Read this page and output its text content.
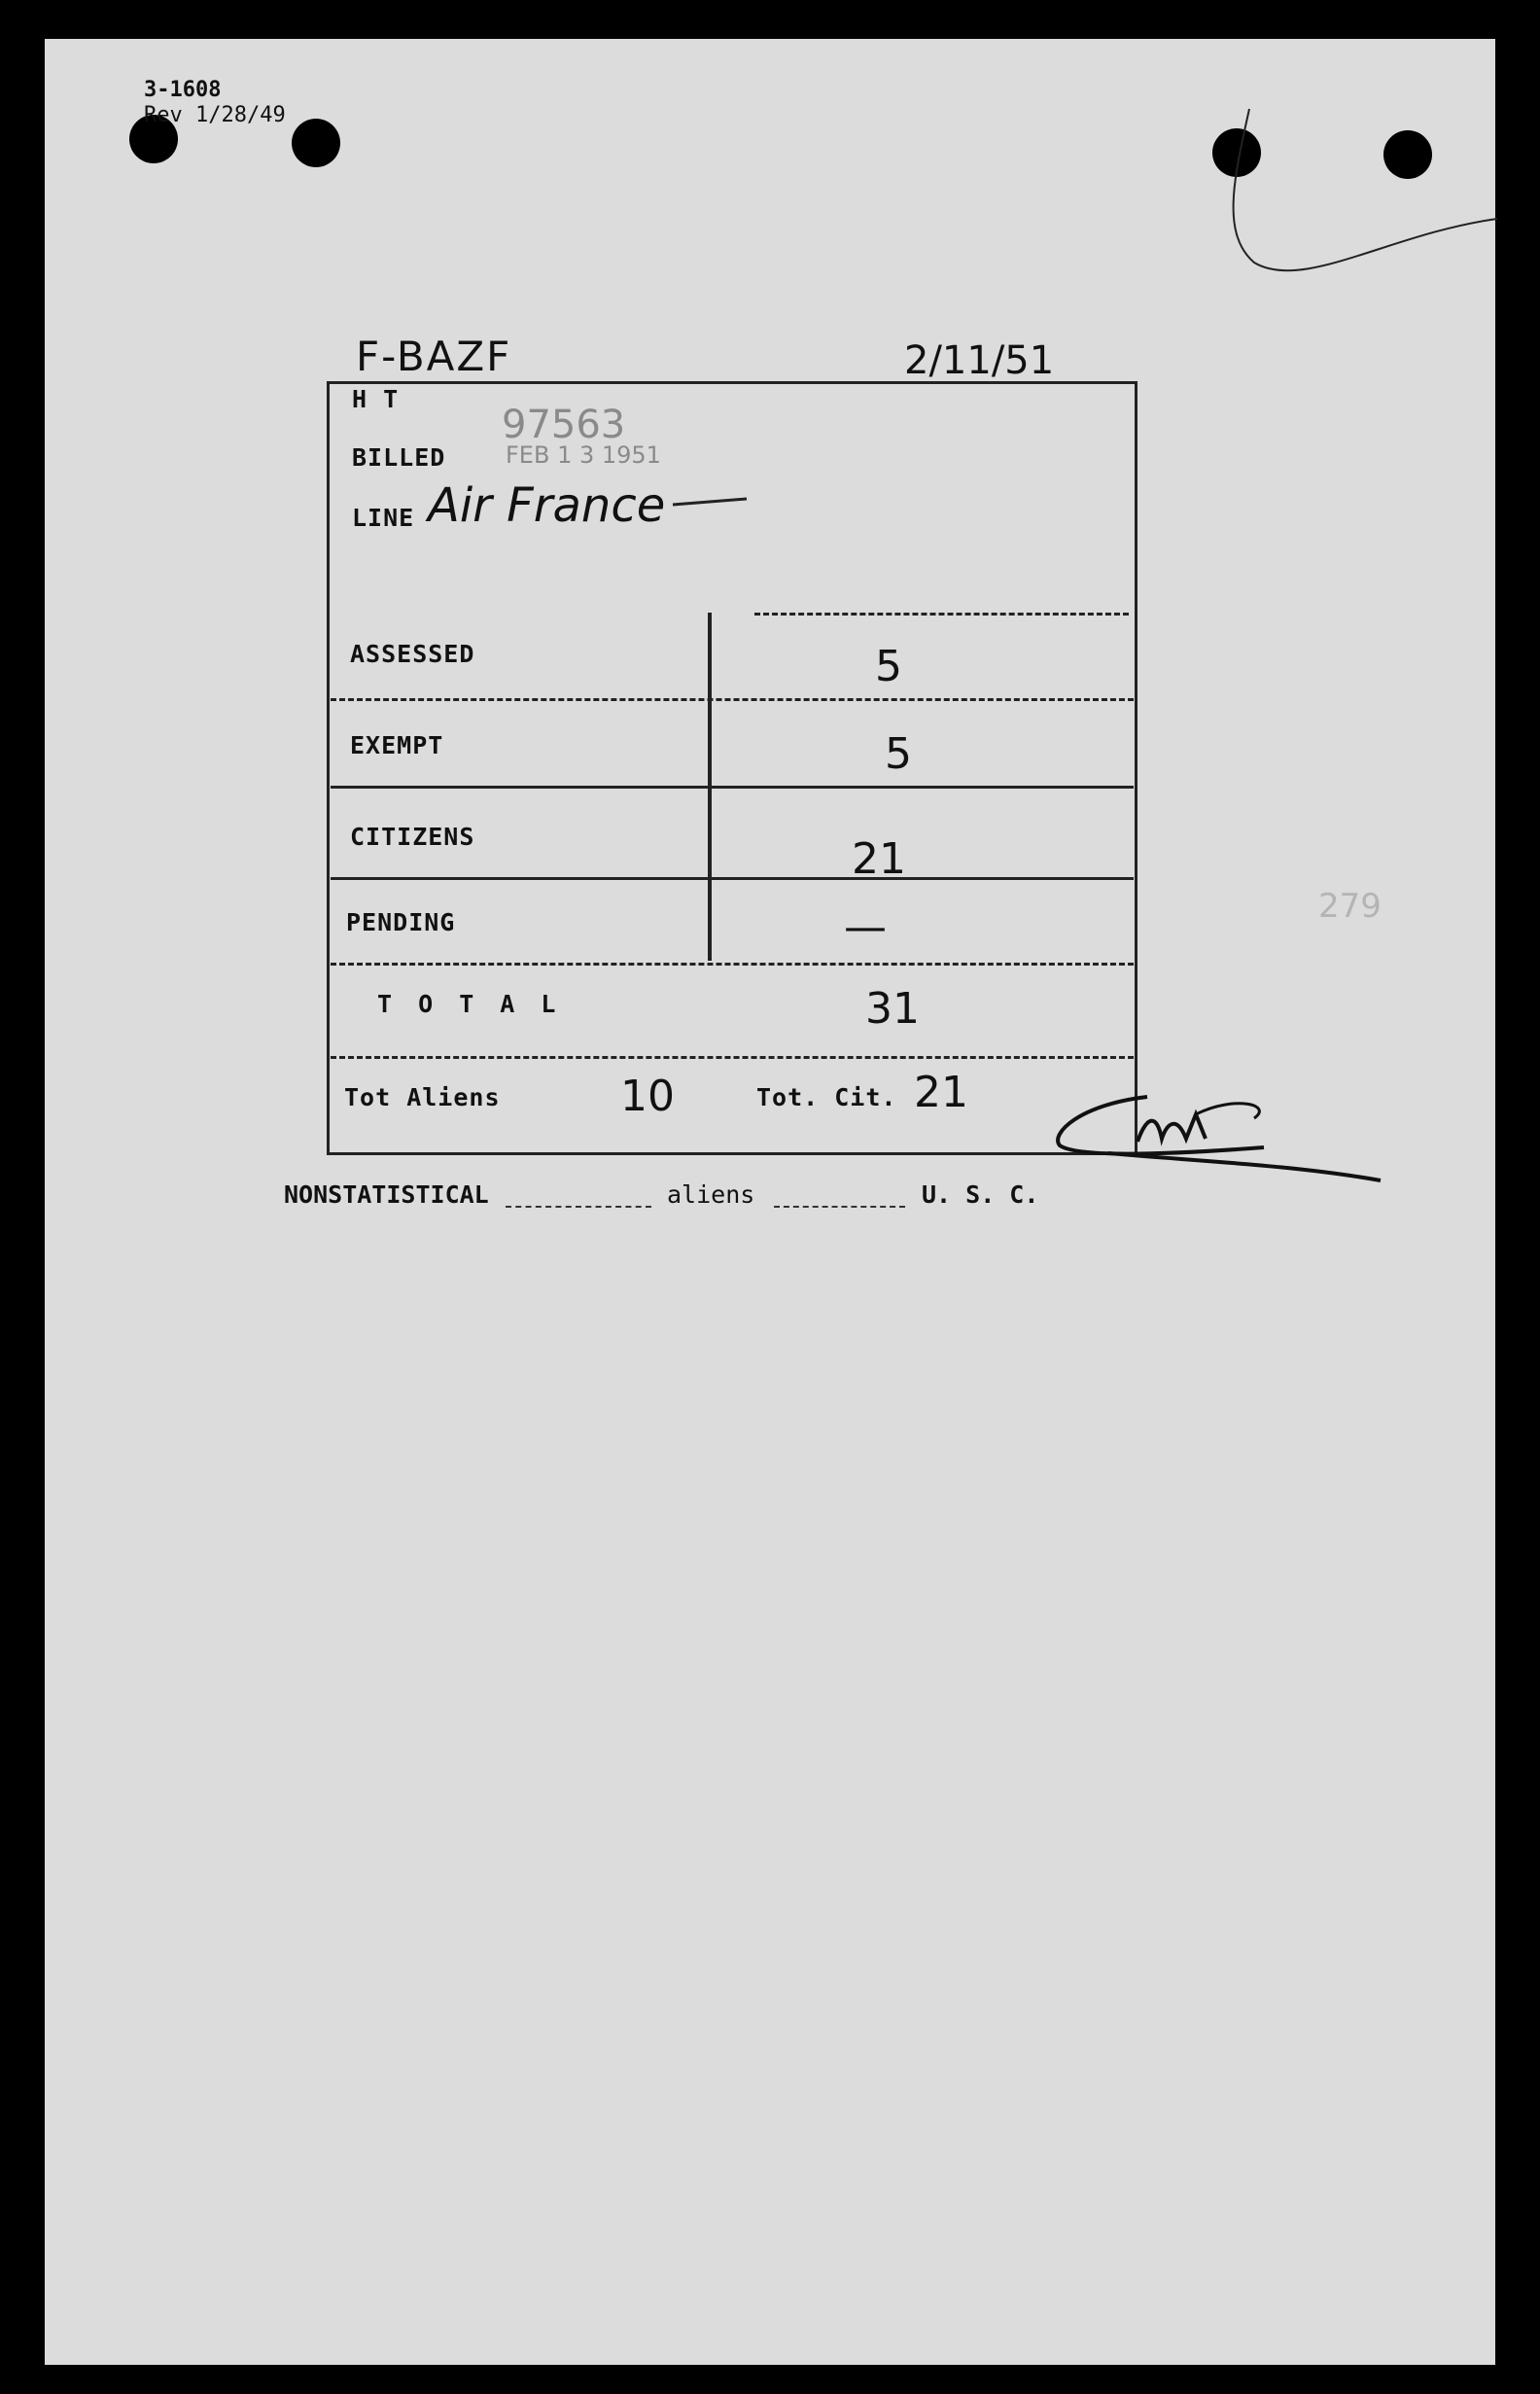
3-1608
Rev 1/28/49
F-BAZF	2/11/51
279
H T
BILLED
97563
FEB 1 3 1951
LINE Air France
ASSESSED	5
EXEMPT	5
CITIZENS	21
PENDING	—
T O T A L	31
Tot Aliens	10	Tot. Cit. 21
NONSTATISTICAL	aliens	U. S. C.
